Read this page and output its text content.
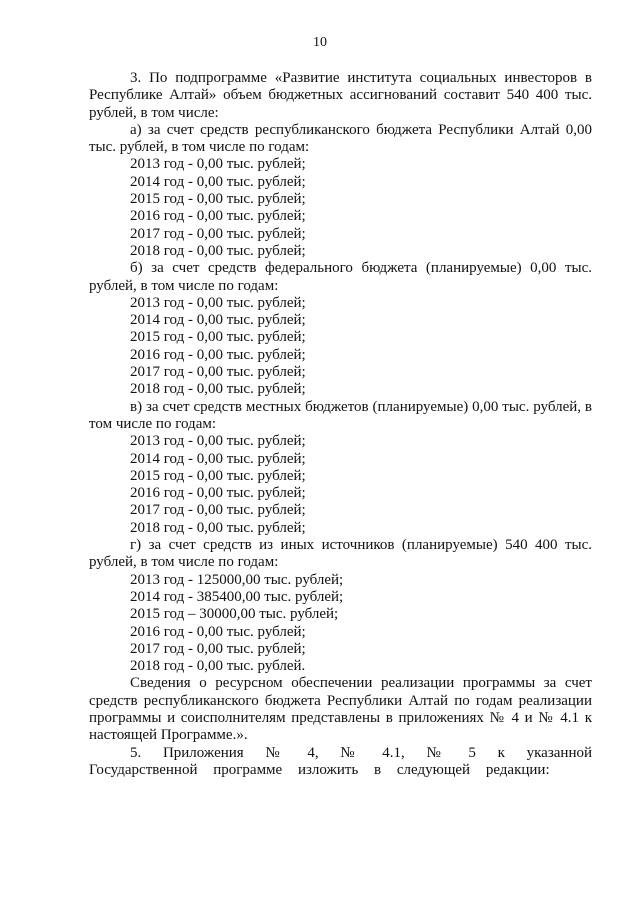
10

3. По подпрограмме «Развитие института социальных инвесторов в Республике Алтай» объем бюджетных ассигнований составит 540 400 тыс. рублей, в том числе:

а) за счет средств республиканского бюджета Республики Алтай 0,00 тыс. рублей, в том числе по годам:

2013 год - 0,00 тыс. рублей;

2014 год - 0,00 тыс. рублей;

2015 год - 0,00 тыс. рублей;

2016 год - 0,00 тыс. рублей;

2017 год - 0,00 тыс. рублей;

2018 год - 0,00 тыс. рублей;

б) за счет средств федерального бюджета (планируемые) 0,00 тыс. рублей, в том числе по годам:

2013 год - 0,00 тыс. рублей;

2014 год - 0,00 тыс. рублей;

2015 год - 0,00 тыс. рублей;

2016 год - 0,00 тыс. рублей;

2017 год - 0,00 тыс. рублей;

2018 год - 0,00 тыс. рублей;

в) за счет средств местных бюджетов (планируемые) 0,00 тыс. рублей, в том числе по годам:

2013 год - 0,00 тыс. рублей;

2014 год - 0,00 тыс. рублей;

2015 год - 0,00 тыс. рублей;

2016 год - 0,00 тыс. рублей;

2017 год - 0,00 тыс. рублей;

2018 год - 0,00 тыс. рублей;

г) за счет средств из иных источников (планируемые) 540 400 тыс. рублей, в том числе по годам:

2013 год - 125000,00 тыс. рублей;

2014 год - 385400,00 тыс. рублей;

2015 год – 30000,00 тыс. рублей;

2016 год - 0,00 тыс. рублей;

2017 год - 0,00 тыс. рублей;

2018 год - 0,00 тыс. рублей.

Сведения о ресурсном обеспечении реализации программы за счет средств республиканского бюджета Республики Алтай по годам реализации программы и соисполнителям представлены в приложениях № 4 и № 4.1 к настоящей Программе.».

5. Приложения № 4, № 4.1, № 5 к указанной Государственной программе изложить в следующей редакции:
